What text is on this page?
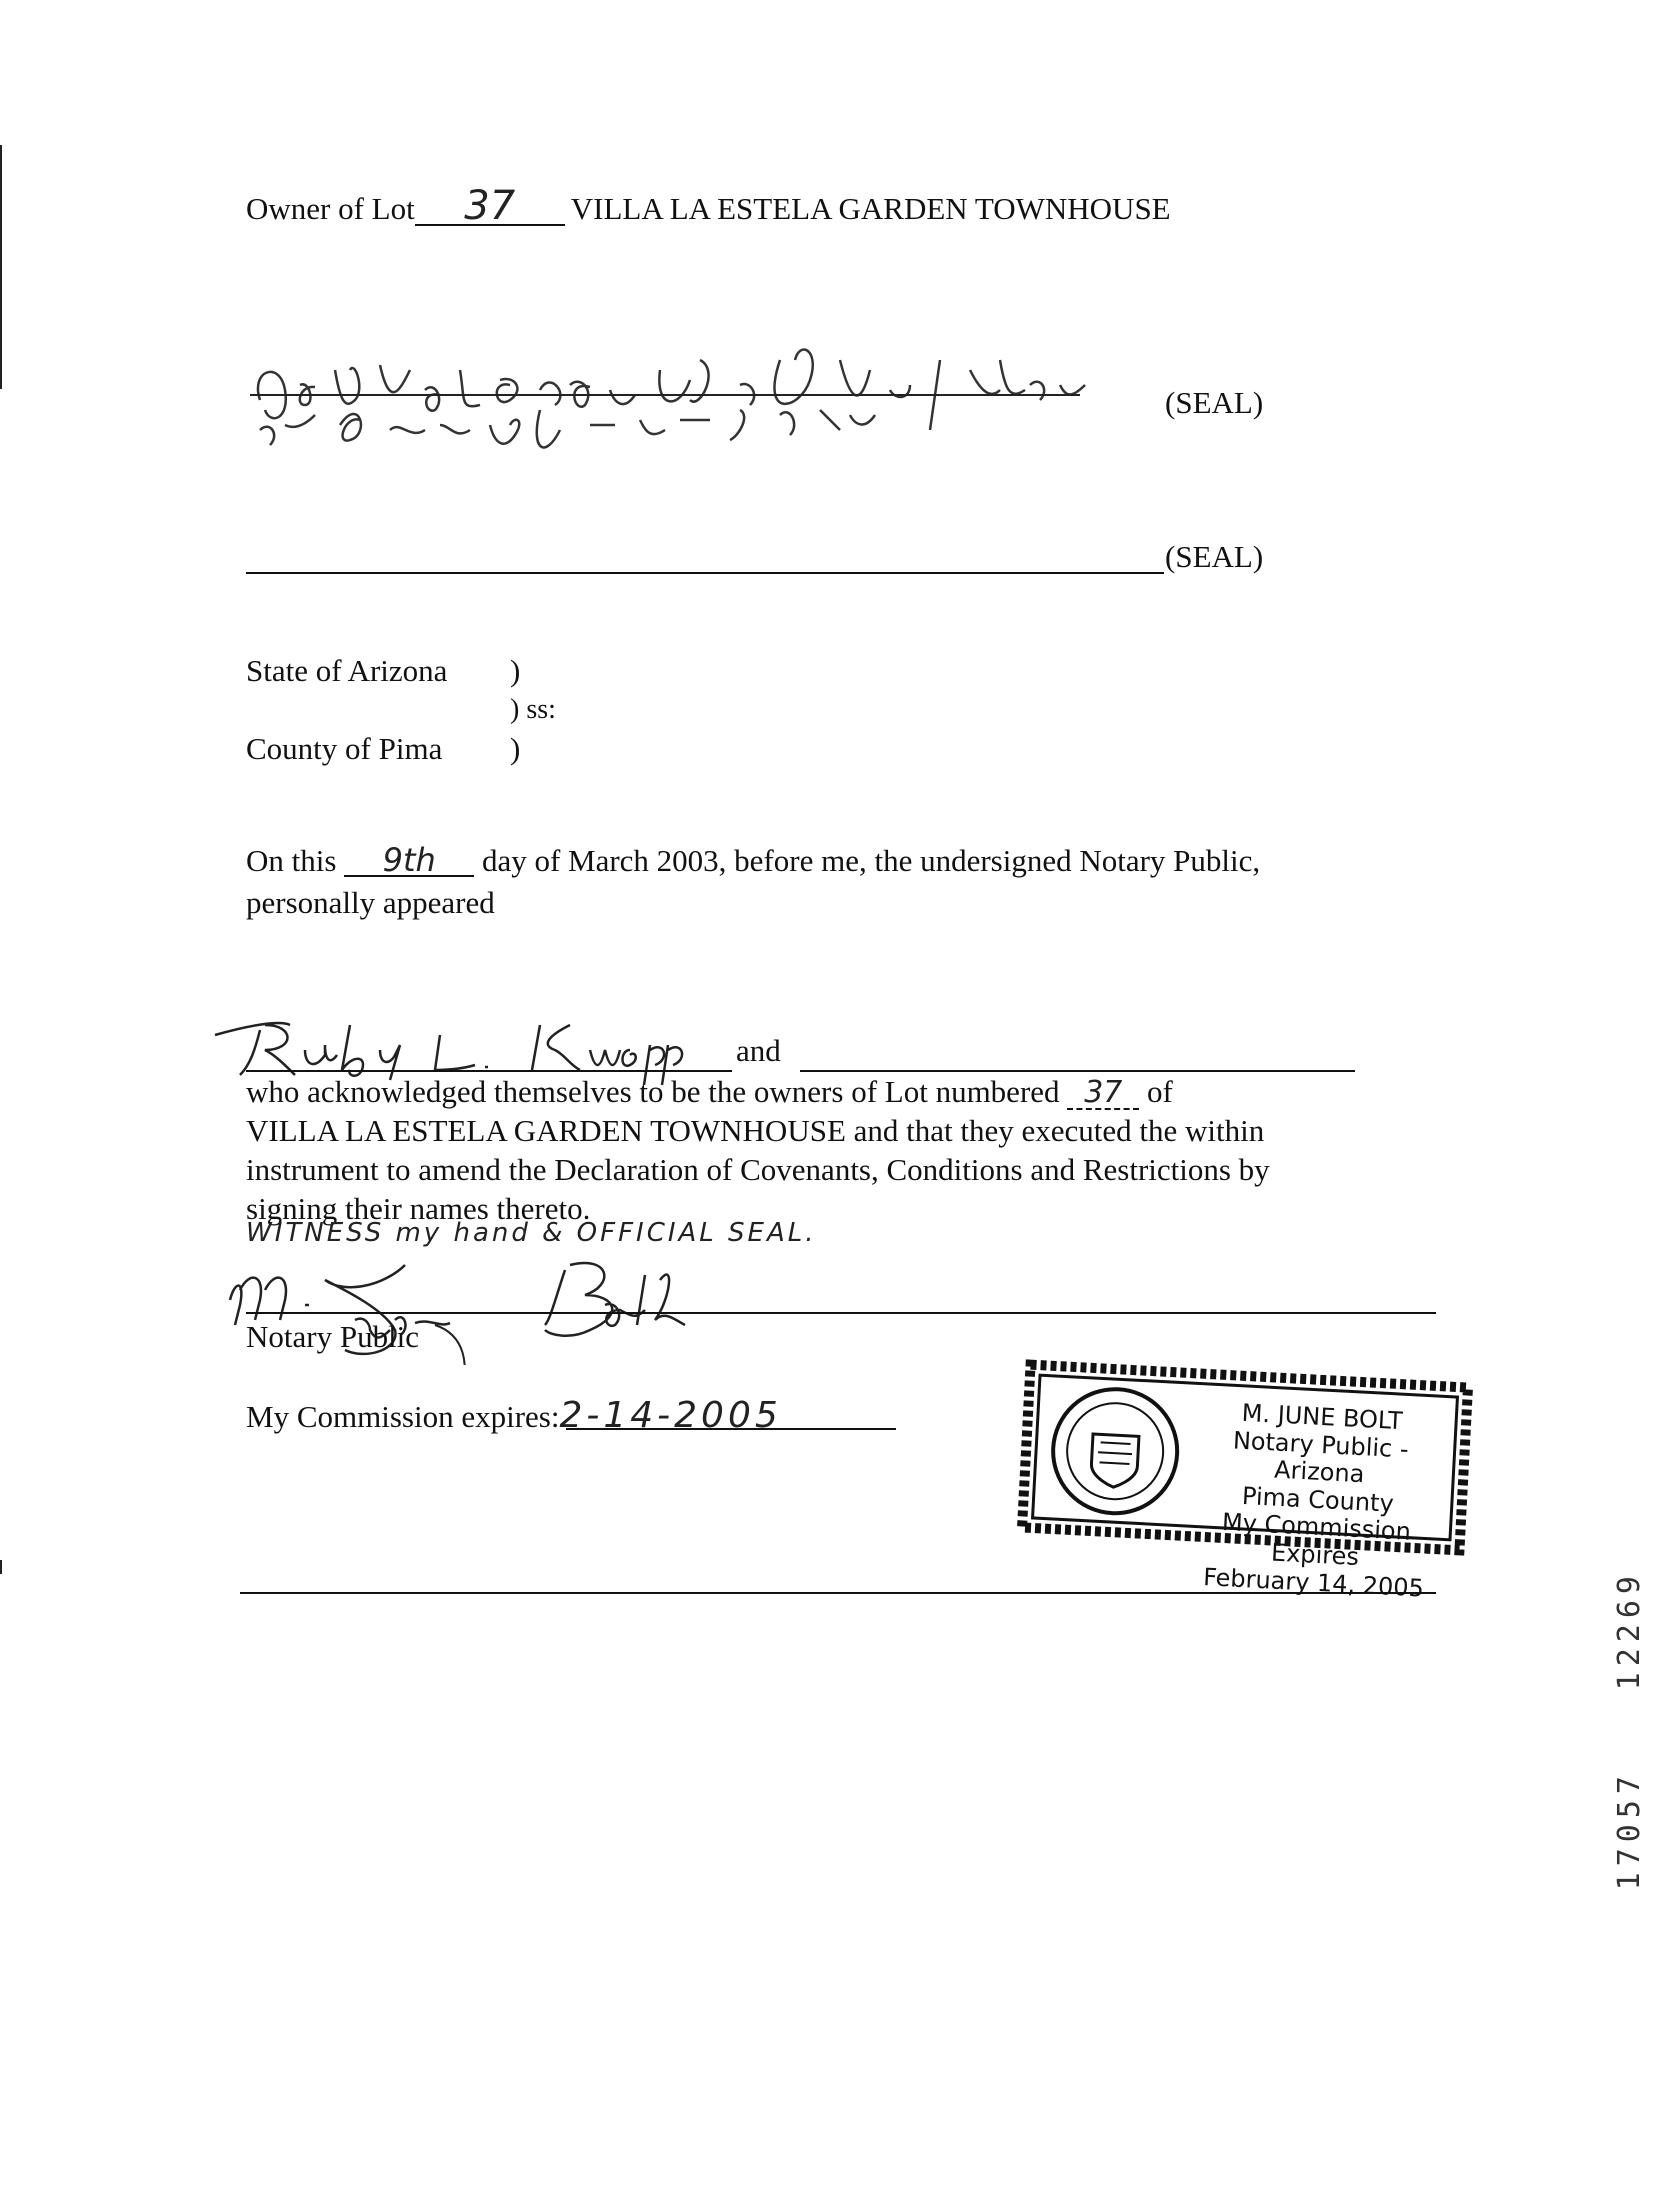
Owner of Lot 37 VILLA LA ESTELA GARDEN TOWNHOUSE
(SEAL)
(SEAL)
State of Arizona )
) ss:
County of Pima )
On this 9th day of March 2003, before me, the undersigned Notary Public,
personally appeared
and
who acknowledged themselves to be the owners of Lot numbered 37 of
VILLA LA ESTELA GARDEN TOWNHOUSE and that they executed the within
instrument to amend the Declaration of Covenants, Conditions and Restrictions by
signing their names thereto.
WITNESS my hand & OFFICIAL SEAL.
Notary Public
My Commission expires:2-14-2005	M. JUNE BOLT
Notary Public - Arizona
Pima County
My Commission Expires
February 14, 2005	12269
17057
